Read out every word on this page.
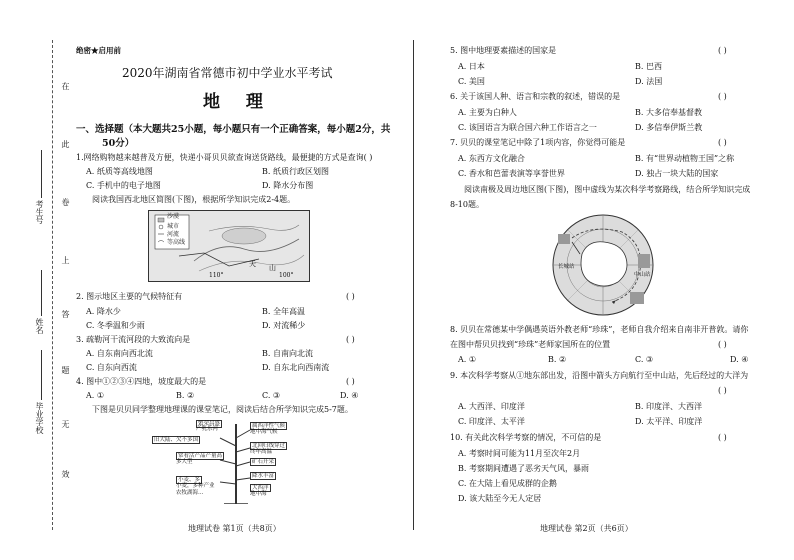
在
此
卷
上
答
题
无
效
考生号
姓名
毕业学校
绝密★启用前
2020年湖南省常德市初中学业水平考试
地 理
一、选择题（本大题共25小题，每小题只有一个正确答案，每小题2分，共
50分）
1.网络购物越来越普及方便，快递小哥贝贝欲查询送货路线，最便捷的方式是查询( )
A. 纸质等高线地图	B. 纸质行政区划图
C. 手机中的电子地图	D. 降水分布图
阅读我国西北地区简图(下图)，根据所学知识完成2-4题。
沙漠
城市
河流
等高线
110°	100°
天 山
2. 图示地区主要的气候特征有	( )
A. 降水少	B. 全年高温
C. 冬季温和少雨	D. 对流稀少
3. 疏勒河干流河段的大致流向是	( )
A. 自东南向西北流	B. 自南向北流
C. 自东向西流	D. 自东北向西南流
4. 图中①②③④四地，坡度最大的是	( )
A. ①	B. ②	C. ③	D. ④
下图是贝贝同学整理地理课的课堂笔记，阅读后结合所学知识完成5-7题。
繁荣昌盛
产乳乐河	属西洋性气候
地中海气候
北回归线穿过
终年高温
旧大陆、欠不多国
常看活产品产量高
多大型	矿石开采
降水丰富
小麦、多
小麦，多种产业
农牧湖海…
大西洋
地中海
地理试卷 第1页（共8页）
5. 图中地理要素描述的国家是	( )
A. 日本	B. 巴西
C. 美国	D. 法国
6. 关于该国人种、语言和宗教的叙述，错误的是	( )
A. 主要为白种人	B. 大多信奉基督教
C. 该国语言为联合国六种工作语言之一	D. 多信奉伊斯兰教
7. 贝贝的课堂笔记中除了1项内容，你觉得可能是	( )
A. 东西方文化融合	B. 有“世界动植物王国”之称
C. 香水和芭蕾表演等享誉世界	D. 独占一块大陆的国家
阅读南极及周边地区图(下图)，图中虚线为某次科学考察路线，结合所学知识完成
8-10题。
中山站
长城站
8. 贝贝在常德某中学偶遇英语外教老师“珍珠”，老师自我介绍来自南非开普敦。请你
在图中帮贝贝找到“珍珠”老师家国所在的位置	( )
A. ①	B. ②	C. ③	D. ④
9. 本次科学考察从①地东部出发，沿图中箭头方向航行至中山站，先后经过的大洋为
( )
A. 大西洋、印度洋	B. 印度洋、大西洋
C. 印度洋、太平洋	D. 太平洋、印度洋
10. 有关此次科学考察的情况，不可信的是	( )
A. 考察时间可能为11月至次年2月
B. 考察期间遭遇了恶劣天气风，暴雨
C. 在大陆上看见成群的企鹅
D. 该大陆至今无人定居
地理试卷 第2页（共6页）
